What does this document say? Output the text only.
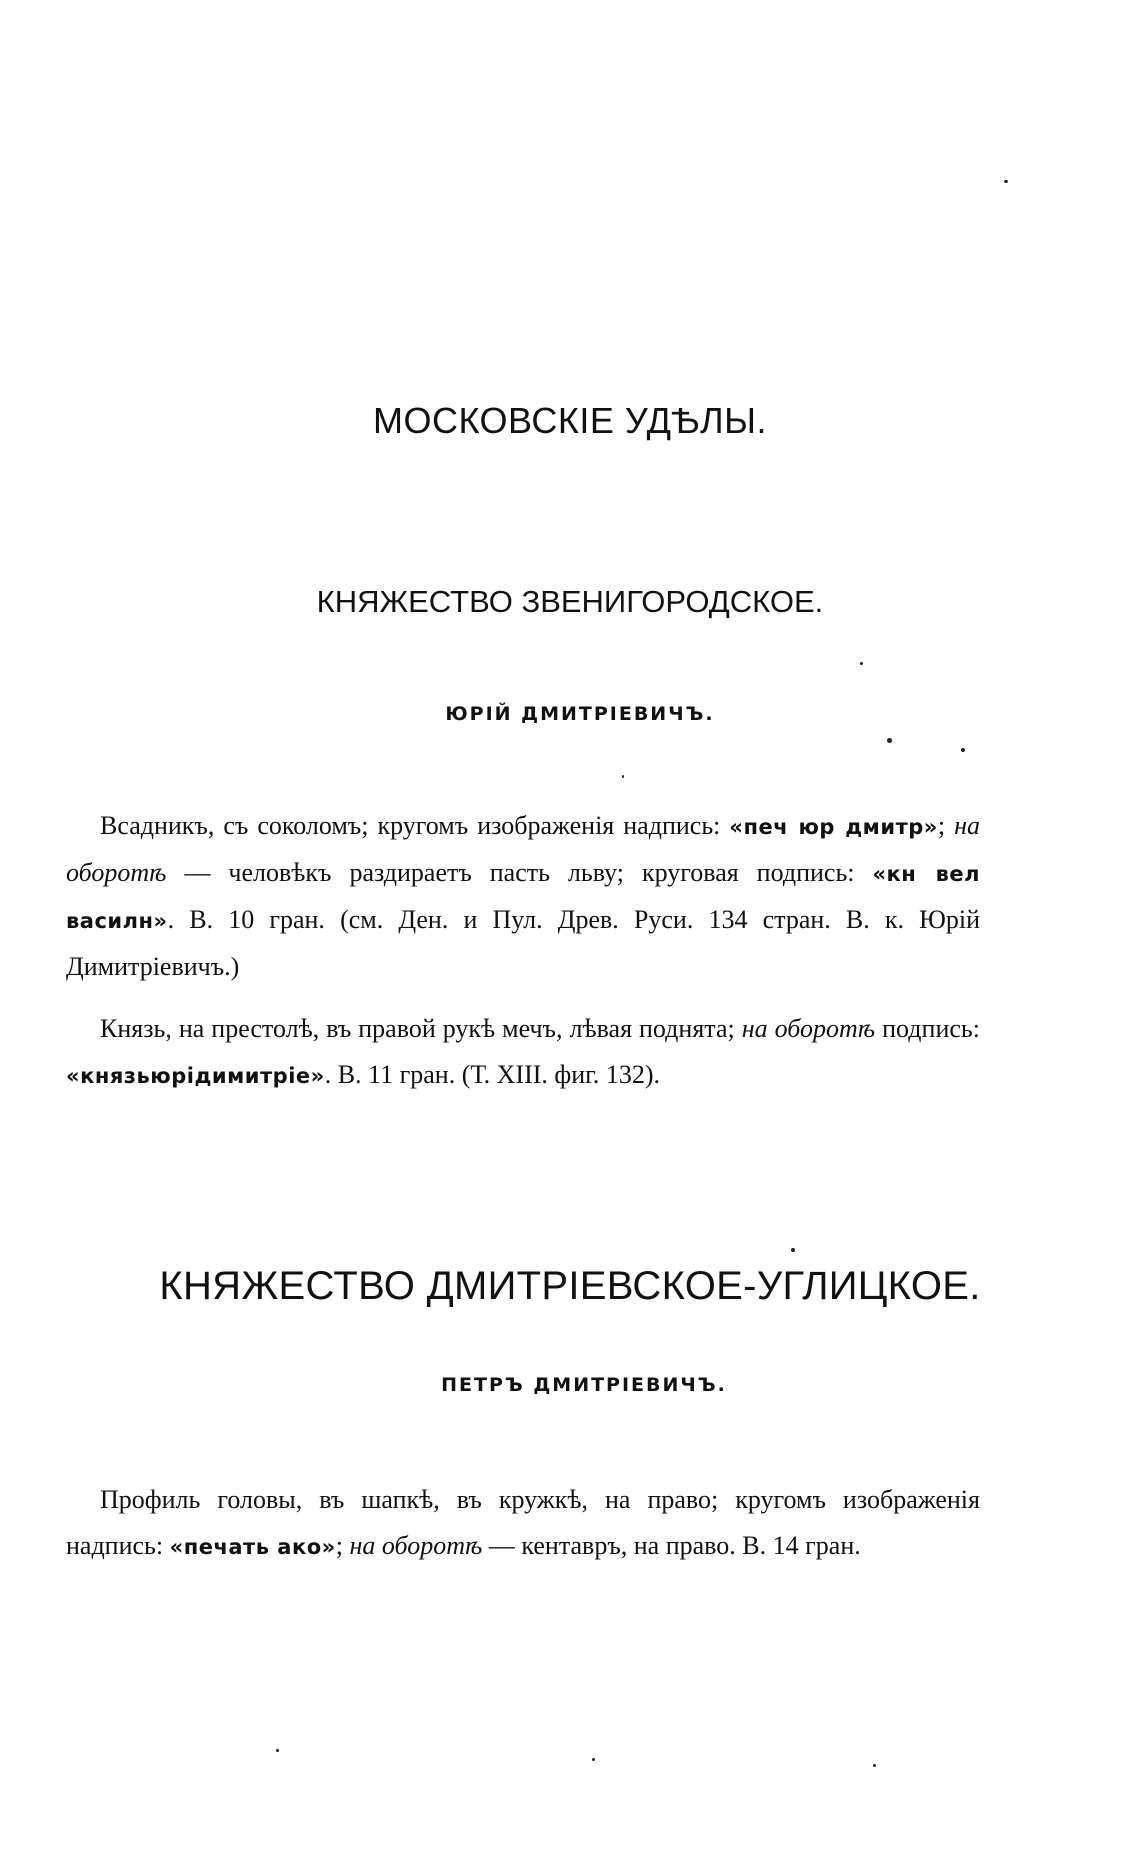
МОСКОВСКІЕ УДѢЛЫ.
КНЯЖЕСТВО ЗВЕНИГОРОДСКОЕ.
ЮРІЙ ДМИТРІЕВИЧЪ.

Всадникъ, съ соколомъ; кругомъ изображенія надпись: «печ юр дмитр»; на оборотѣ — человѣкъ раздираетъ пасть льву; круговая подпись: «кн вел василн». В. 10 гран. (см. Ден. и Пул. Древ. Руси. 134 стран. В. к. Юрій Димитріевичъ.)

Князь, на престолѣ, въ правой рукѣ мечъ, лѣвая поднята; на оборотѣ подпись: «князьюрідимитріе». В. 11 гран. (Т. XIII. фиг. 132).

КНЯЖЕСТВО ДМИТРІЕВСКОЕ-УГЛИЦКОЕ.
ПЕТРЪ ДМИТРІЕВИЧЪ.

Профиль головы, въ шапкѣ, въ кружкѣ, на право; кругомъ изображенія надпись: «печать ако»; на оборотѣ — кентавръ, на право. В. 14 гран.
